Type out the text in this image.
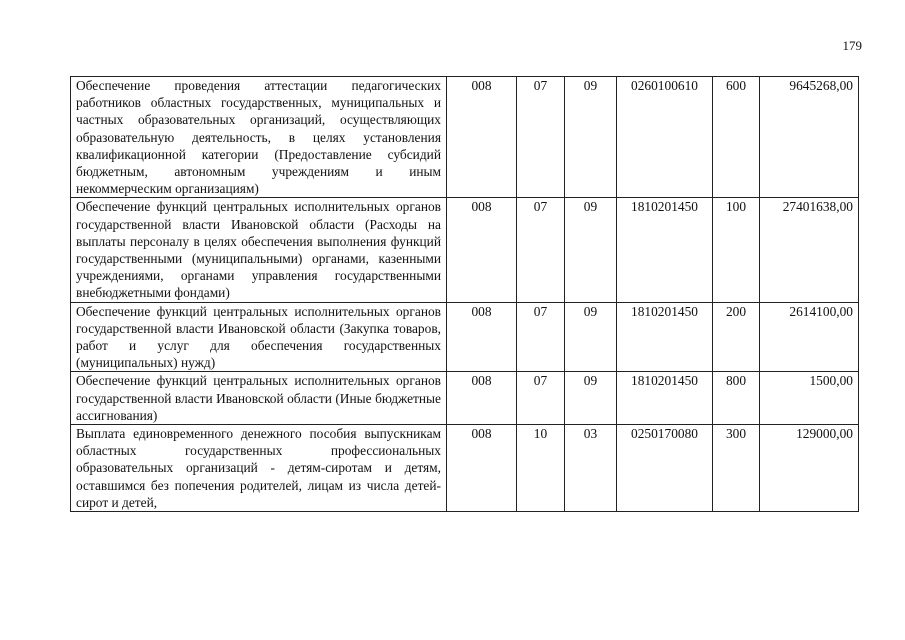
179
Обеспечение проведения аттестации педагогических работников областных государственных, муниципальных и частных образовательных организаций, осуществляющих образовательную деятельность, в целях установления квалификационной категории (Предоставление субсидий бюджетным, автономным учреждениям и иным некоммерческим организациям)	008	07	09	0260100610	600	9645268,00
Обеспечение функций центральных исполнительных органов государственной власти Ивановской области (Расходы на выплаты персоналу в целях обеспечения выполнения функций государственными (муниципальными) органами, казенными учреждениями, органами управления государственными внебюджетными фондами)	008	07	09	1810201450	100	27401638,00
Обеспечение функций центральных исполнительных органов государственной власти Ивановской области (Закупка товаров, работ и услуг для обеспечения государственных (муниципальных) нужд)	008	07	09	1810201450	200	2614100,00
Обеспечение функций центральных исполнительных органов государственной власти Ивановской области (Иные бюджетные ассигнования)	008	07	09	1810201450	800	1500,00
Выплата единовременного денежного пособия выпускникам областных государственных профессиональных образовательных организаций - детям-сиротам и детям, оставшимся без попечения родителей, лицам из числа детей-сирот и детей,	008	10	03	0250170080	300	129000,00
